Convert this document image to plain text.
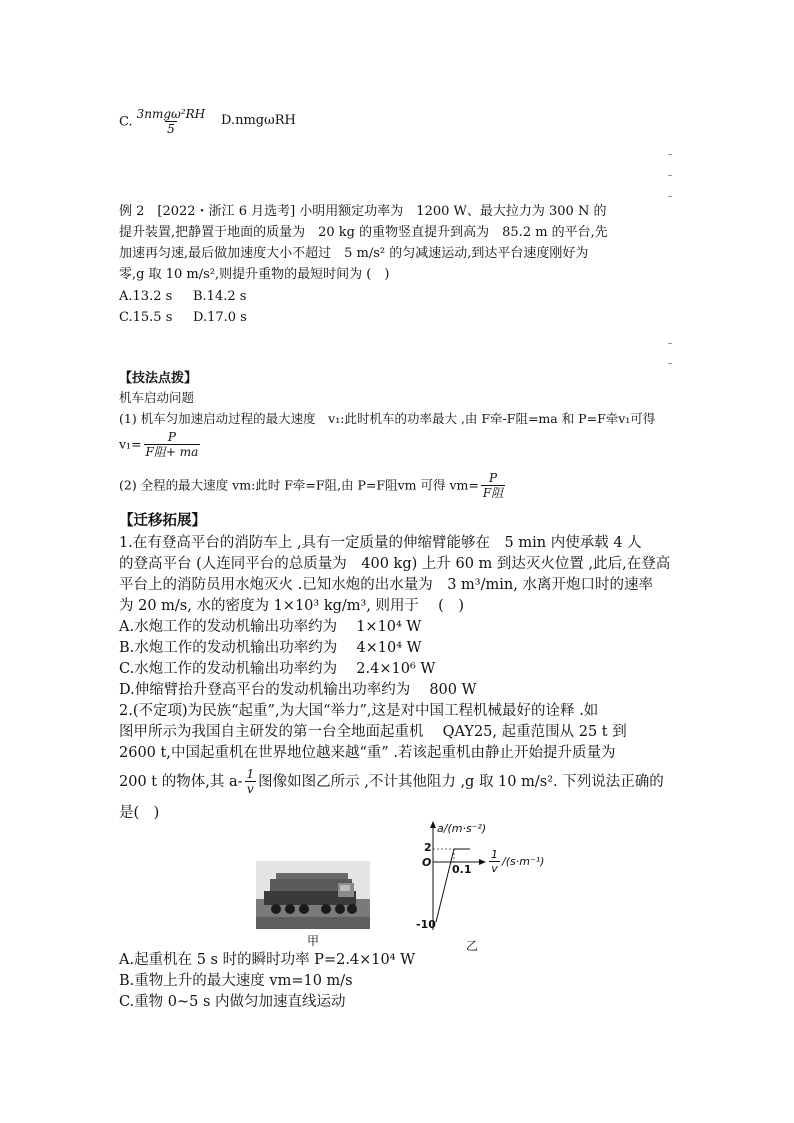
C. $\frac{\text{3nmgω²RH}}{5} D.nmg\omega RH$
例 2　[2022・浙江 6 月选考] 小明用额定功率为　1200 W、最大拉力为 300 N 的
提升装置,把静置于地面的质量为　20 kg 的重物竖直提升到高为　85.2 m 的平台,先
加速再匀速,最后做加速度大小不超过　5 m/s² 的匀减速运动,到达平台速度刚好为
零,g 取 10 m/s²,则提升重物的最短时间为 (　)
A.13.2 s B.14.2 s
C.15.5 s D.17.0 s
【技法点拨】
机车启动问题
(1) 机车匀加速启动过程的最大速度　v₁:此时机车的功率最大 ,由 F牵-F阻=ma 和 P=F牵v₁可得
$v_1= \frac{P}{\text{F阻+ ma}}$
(2) 全程的最大速度 vm:此时 F牵=F阻,由 P=F阻vm 可得 $vm= \frac{P}{\text{F阻}}$
【迁移拓展】
1.在有登高平台的消防车上 ,具有一定质量的伸缩臂能够在　5 min 内使承载 4 人
的登高平台 (人连同平台的总质量为　400 kg) 上升 60 m 到达灭火位置 ,此后,在登高
平台上的消防员用水炮灭火 .已知水炮的出水量为　3 m³/min, 水离开炮口时的速率
为 20 m/s, 水的密度为 1×10³ kg/m³, 则用于　 (　)
A.水炮工作的发动机输出功率约为　 1×10⁴ W
B.水炮工作的发动机输出功率约为　 4×10⁴ W
C.水炮工作的发动机输出功率约为　 2.4×10⁶ W
D.伸缩臂抬升登高平台的发动机输出功率约为　 800 W
2.(不定项)为民族“起重”,为大国“举力”,这是对中国工程机械最好的诠释 .如
图甲所示为我国自主研发的第一台全地面起重机　 QAY25, 起重范围从 25 t 到
2600 t,中国起重机在世界地位越来越“重” .若该起重机由静止开始提升质量为
200 t 的物体,其 $a- \frac{1}{v}$ 图像如图乙所示 ,不计其他阻力 ,g 取 10 m/s². 下列说法正确的
是(　)
甲
a/(m·s⁻²)
2
O
0.1
-10
$\frac{1}{v} /(s\cdot m^{-1})$
乙
A.起重机在 5 s 时的瞬时功率 P=2.4×10⁴ W
B.重物上升的最大速度 vm=10 m/s
C.重物 0~5 s 内做匀加速直线运动
